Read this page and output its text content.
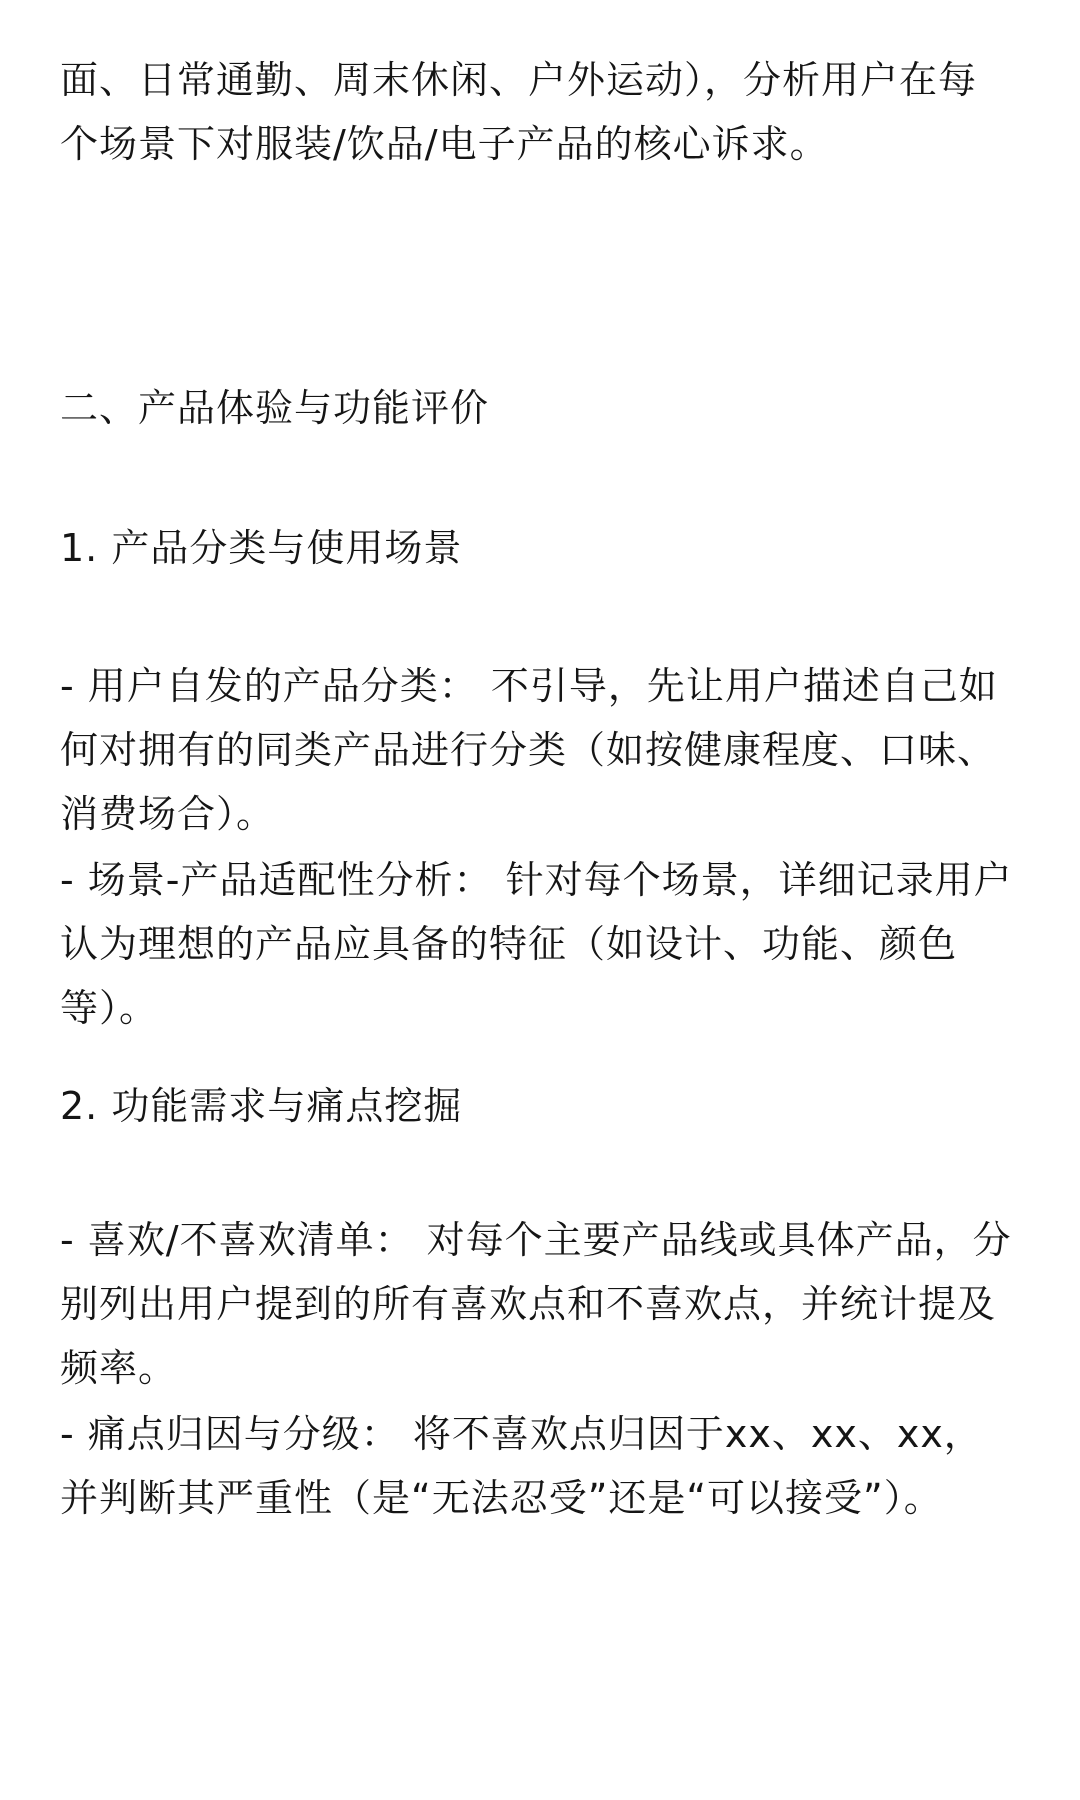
面、日常通勤、周末休闲、户外运动），分析用户在每
个场景下对服装/饮品/电子产品的核心诉求。

二、产品体验与功能评价

1. 产品分类与使用场景

- 用户自发的产品分类： 不引导，先让用户描述自己如
何对拥有的同类产品进行分类（如按健康程度、口味、
消费场合）。

- 场景-产品适配性分析： 针对每个场景，详细记录用户
认为理想的产品应具备的特征（如设计、功能、颜色
等）。

2. 功能需求与痛点挖掘

- 喜欢/不喜欢清单： 对每个主要产品线或具体产品，分
别列出用户提到的所有喜欢点和不喜欢点，并统计提及
频率。

- 痛点归因与分级： 将不喜欢点归因于xx、xx、xx，
并判断其严重性（是“无法忍受”还是“可以接受”）。
